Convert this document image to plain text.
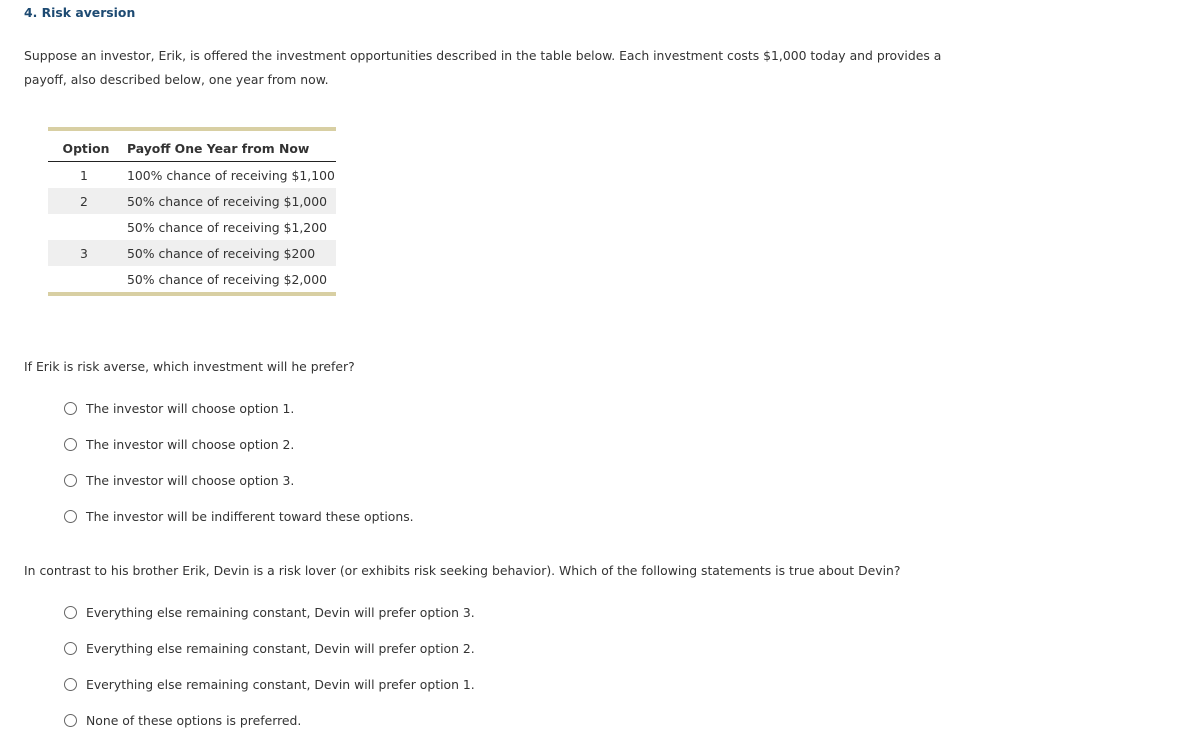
4. Risk aversion
Suppose an investor, Erik, is offered the investment opportunities described in the table below. Each investment costs $1,000 today and provides a payoff, also described below, one year from now.
Option	Payoff One Year from Now
1	100% chance of receiving $1,100
2	50% chance of receiving $1,000
	50% chance of receiving $1,200
3	50% chance of receiving $200
	50% chance of receiving $2,000
If Erik is risk averse, which investment will he prefer?
The investor will choose option 1.
The investor will choose option 2.
The investor will choose option 3.
The investor will be indifferent toward these options.
In contrast to his brother Erik, Devin is a risk lover (or exhibits risk seeking behavior). Which of the following statements is true about Devin?
Everything else remaining constant, Devin will prefer option 3.
Everything else remaining constant, Devin will prefer option 2.
Everything else remaining constant, Devin will prefer option 1.
None of these options is preferred.
